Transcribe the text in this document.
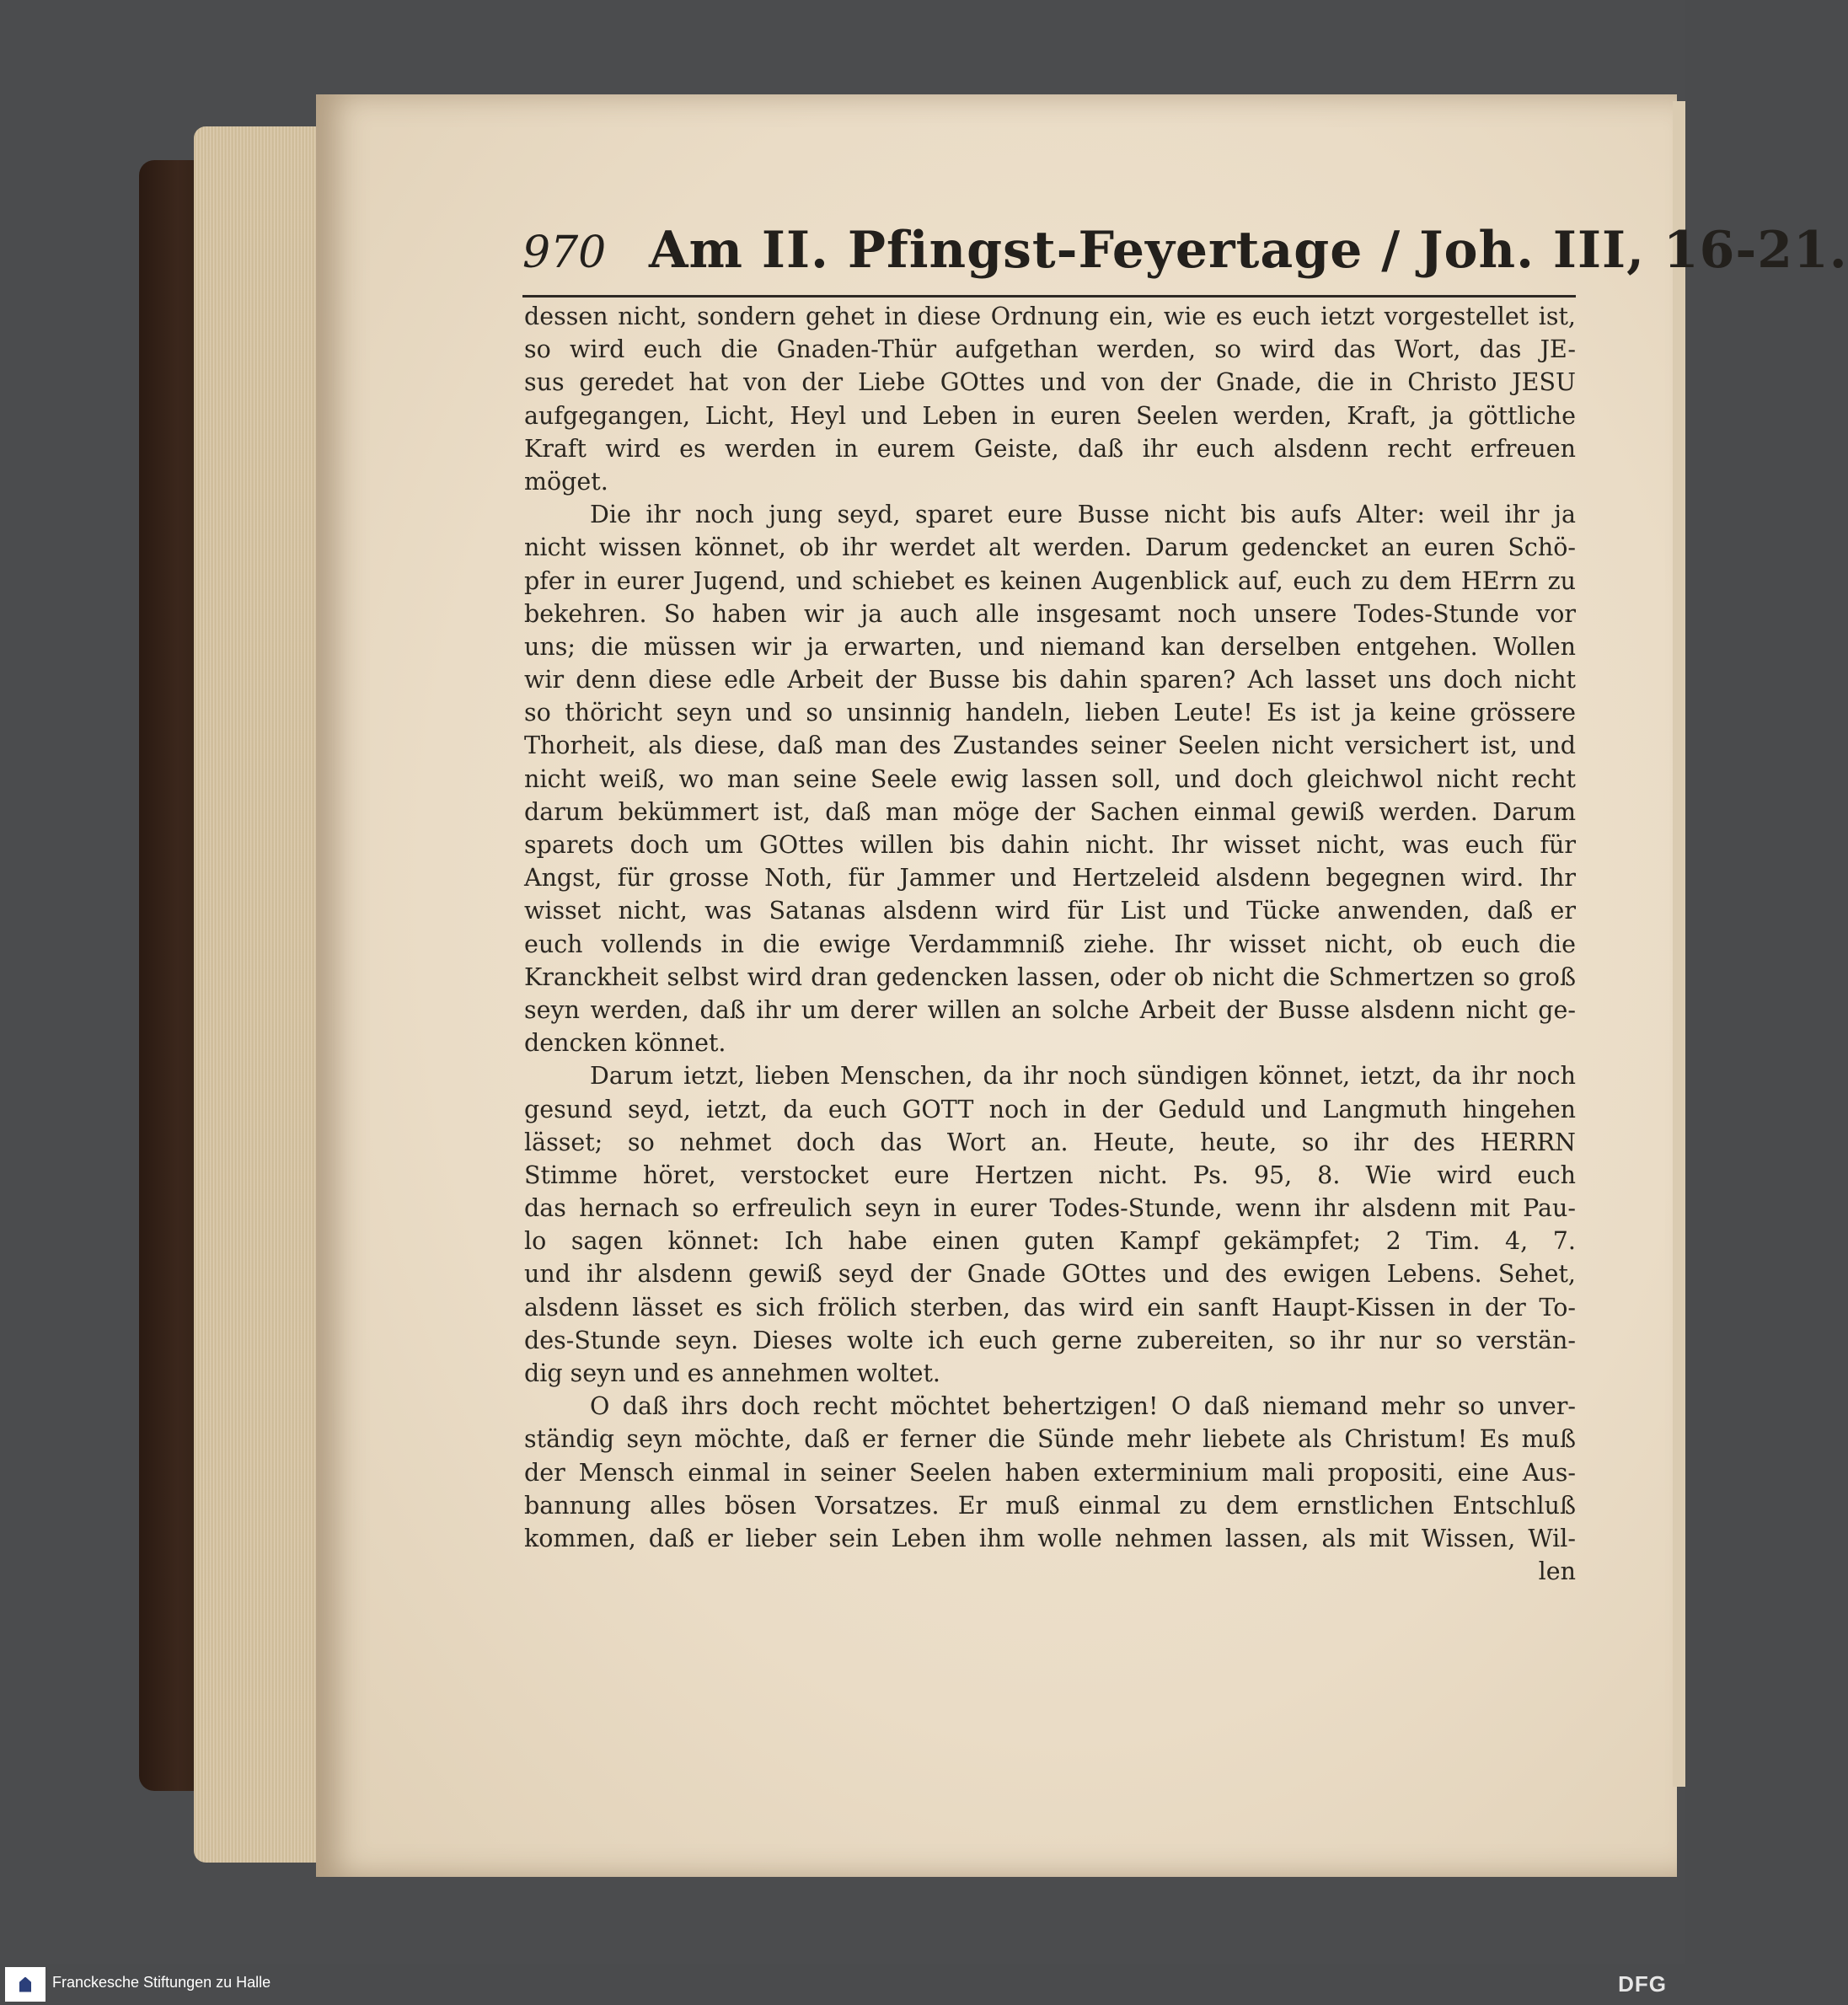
970 Am II. Pfingst-Feyertage / Joh. III, 16-21.
dessen nicht, sondern gehet in diese Ordnung ein, wie es euch ietzt vorgestellet ist,
so wird euch die Gnaden-Thür aufgethan werden, so wird das Wort, das JE-
sus geredet hat von der Liebe GOttes und von der Gnade, die in Christo JESU
aufgegangen, Licht, Heyl und Leben in euren Seelen werden, Kraft, ja göttliche
Kraft wird es werden in eurem Geiste, daß ihr euch alsdenn recht erfreuen
möget.
Die ihr noch jung seyd, sparet eure Busse nicht bis aufs Alter: weil ihr ja
nicht wissen könnet, ob ihr werdet alt werden. Darum gedencket an euren Schö-
pfer in eurer Jugend, und schiebet es keinen Augenblick auf, euch zu dem HErrn zu
bekehren. So haben wir ja auch alle insgesamt noch unsere Todes-Stunde vor
uns; die müssen wir ja erwarten, und niemand kan derselben entgehen. Wollen
wir denn diese edle Arbeit der Busse bis dahin sparen? Ach lasset uns doch nicht
so thöricht seyn und so unsinnig handeln, lieben Leute! Es ist ja keine grössere
Thorheit, als diese, daß man des Zustandes seiner Seelen nicht versichert ist, und
nicht weiß, wo man seine Seele ewig lassen soll, und doch gleichwol nicht recht
darum bekümmert ist, daß man möge der Sachen einmal gewiß werden. Darum
sparets doch um GOttes willen bis dahin nicht. Ihr wisset nicht, was euch für
Angst, für grosse Noth, für Jammer und Hertzeleid alsdenn begegnen wird. Ihr
wisset nicht, was Satanas alsdenn wird für List und Tücke anwenden, daß er
euch vollends in die ewige Verdammniß ziehe. Ihr wisset nicht, ob euch die
Kranckheit selbst wird dran gedencken lassen, oder ob nicht die Schmertzen so groß
seyn werden, daß ihr um derer willen an solche Arbeit der Busse alsdenn nicht ge-
dencken könnet.
Darum ietzt, lieben Menschen, da ihr noch sündigen könnet, ietzt, da ihr noch
gesund seyd, ietzt, da euch GOTT noch in der Geduld und Langmuth hingehen
lässet; so nehmet doch das Wort an. Heute, heute, so ihr des HERRN
Stimme höret, verstocket eure Hertzen nicht. Ps. 95, 8. Wie wird euch
das hernach so erfreulich seyn in eurer Todes-Stunde, wenn ihr alsdenn mit Pau-
lo sagen könnet: Ich habe einen guten Kampf gekämpfet; 2 Tim. 4, 7.
und ihr alsdenn gewiß seyd der Gnade GOttes und des ewigen Lebens. Sehet,
alsdenn lässet es sich frölich sterben, das wird ein sanft Haupt-Kissen in der To-
des-Stunde seyn. Dieses wolte ich euch gerne zubereiten, so ihr nur so verstän-
dig seyn und es annehmen woltet.
O daß ihrs doch recht möchtet behertzigen! O daß niemand mehr so unver-
ständig seyn möchte, daß er ferner die Sünde mehr liebete als Christum! Es muß
der Mensch einmal in seiner Seelen haben exterminium mali propositi, eine Aus-
bannung alles bösen Vorsatzes. Er muß einmal zu dem ernstlichen Entschluß
kommen, daß er lieber sein Leben ihm wolle nehmen lassen, als mit Wissen, Wil-
len
Franckesche Stiftungen zu Halle	DFG
